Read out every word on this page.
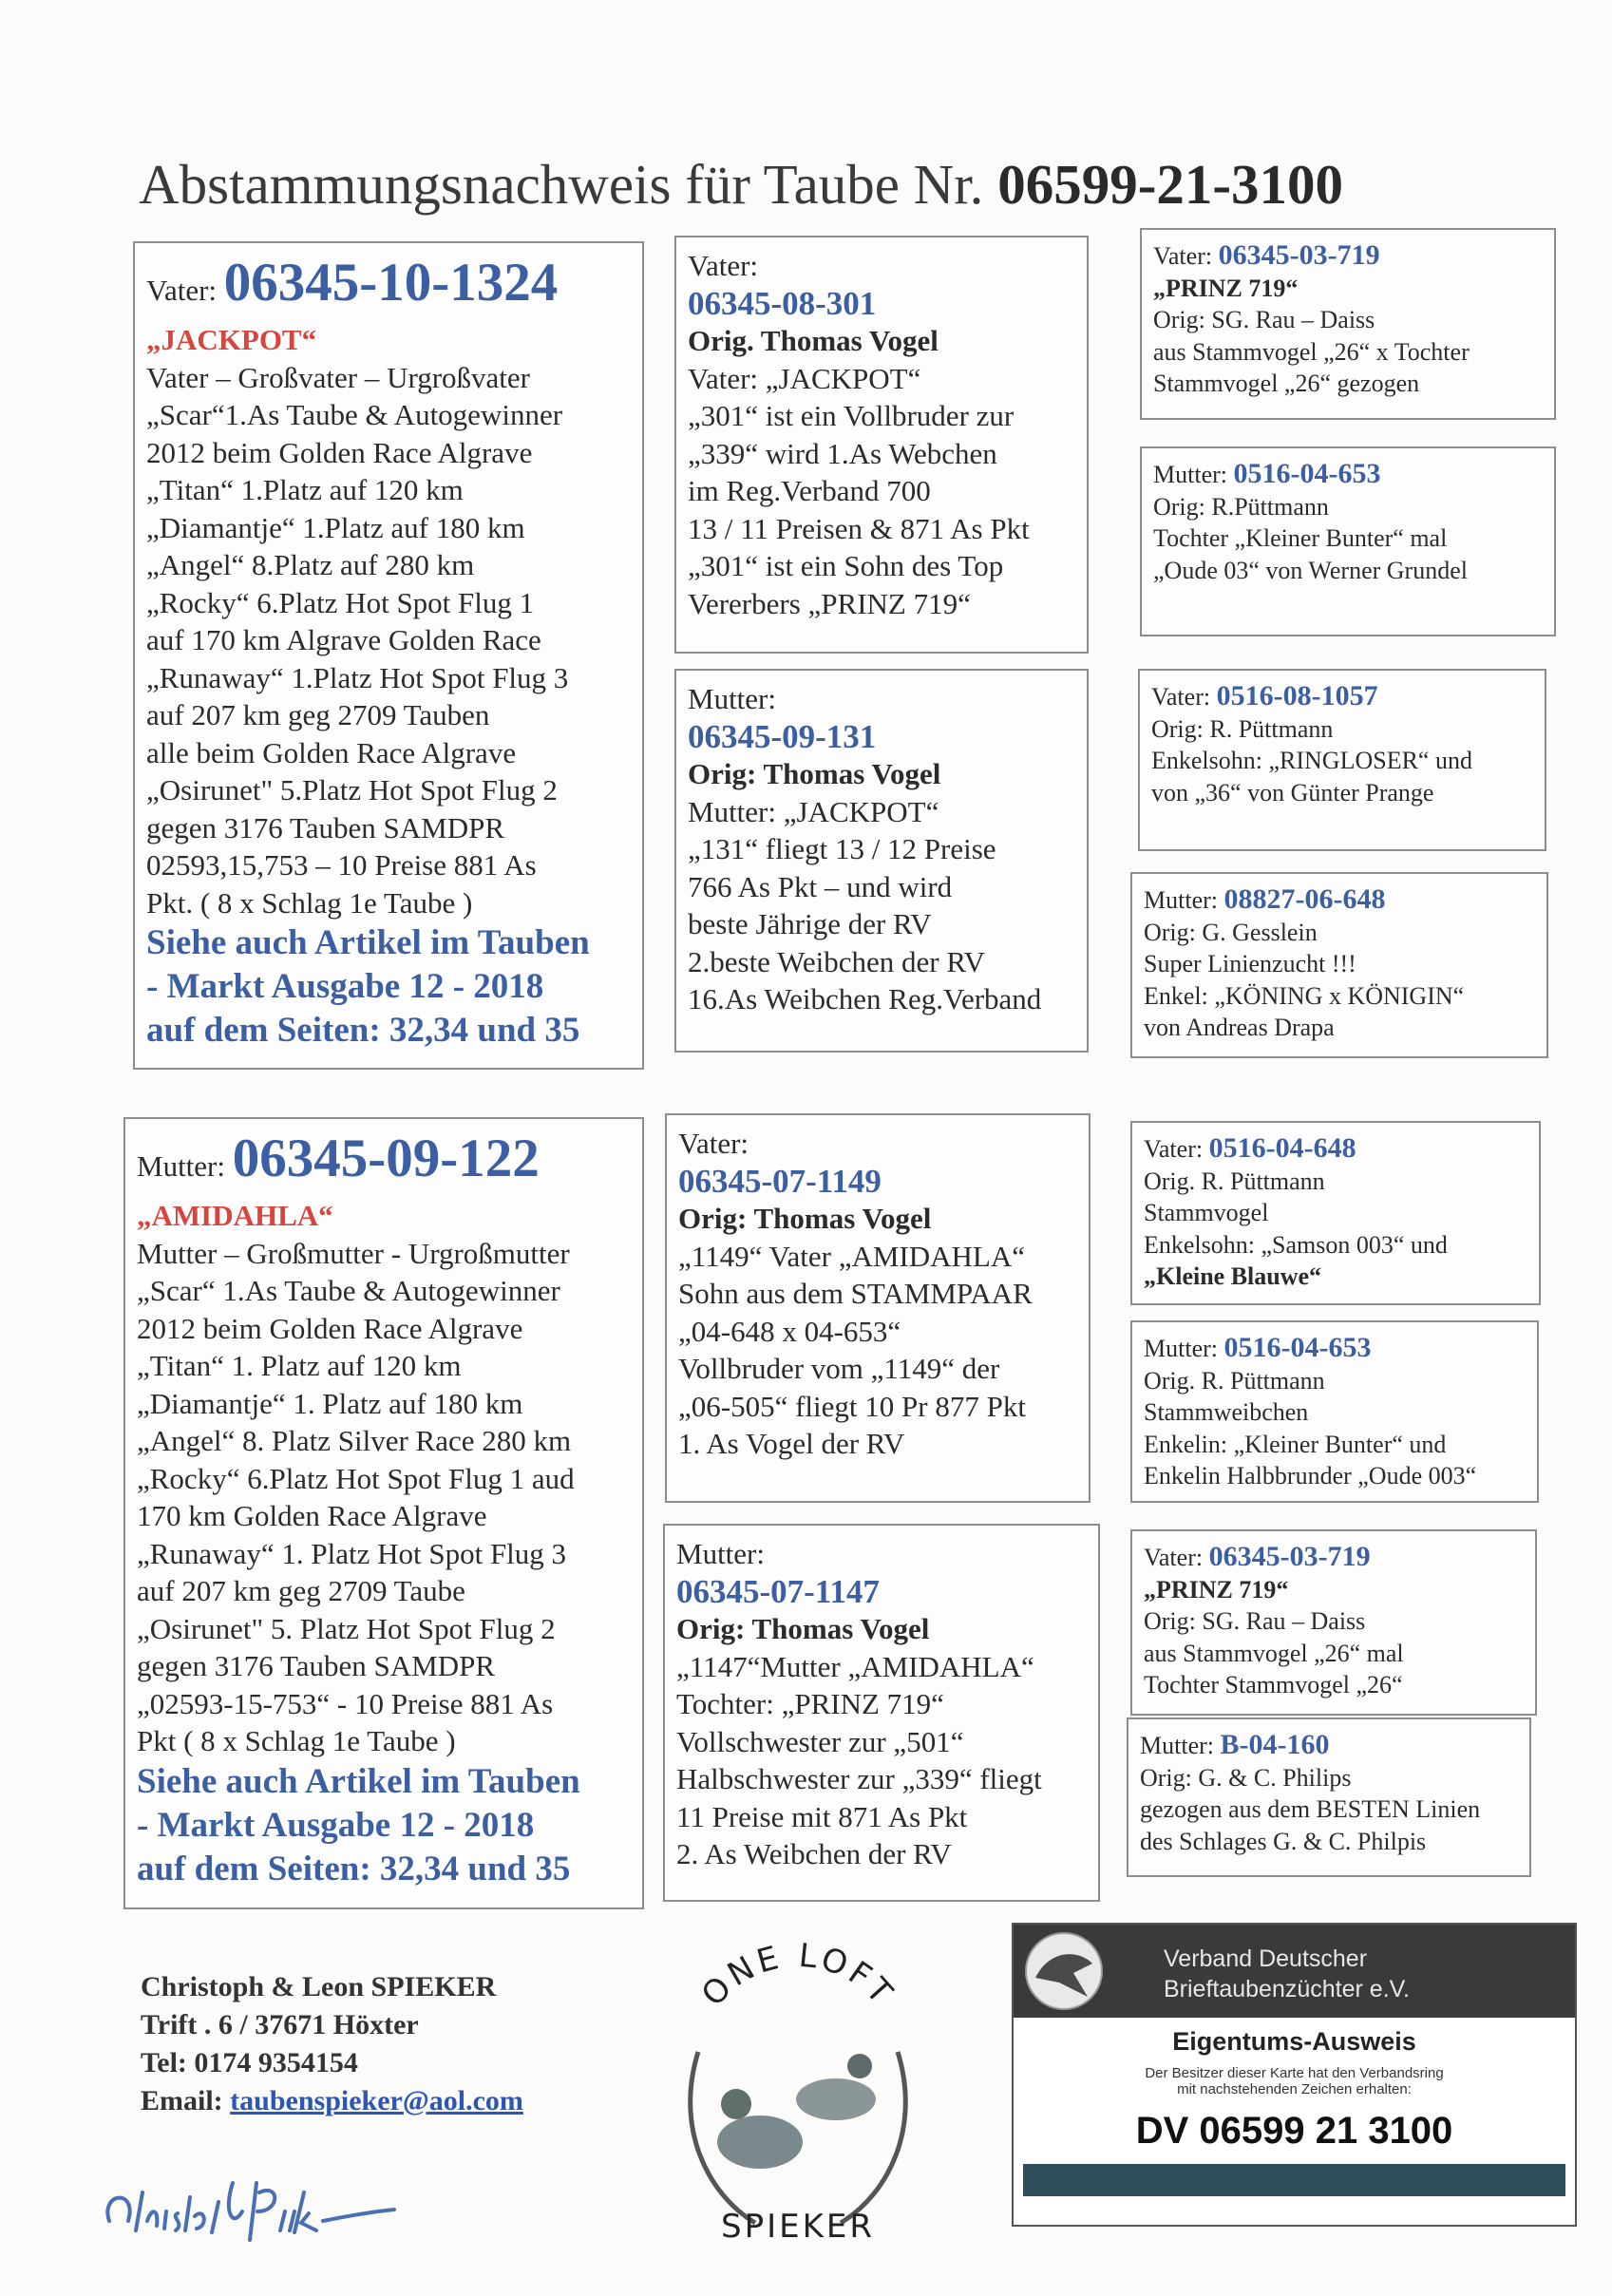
Abstammungsnachweis für Taube Nr. 06599-21-3100
Vater: 06345-10-1324
„JACKPOT“
Vater – Großvater – Urgroßvater
„Scar“1.As Taube & Autogewinner
2012 beim Golden Race Algrave
„Titan“ 1.Platz auf 120 km
„Diamantje“ 1.Platz auf 180 km
„Angel“ 8.Platz auf 280 km
„Rocky“ 6.Platz Hot Spot Flug 1
auf 170 km Algrave Golden Race
„Runaway“ 1.Platz Hot Spot Flug 3
auf 207 km geg 2709 Tauben
alle beim Golden Race Algrave
„Osirunet" 5.Platz Hot Spot Flug 2
gegen 3176 Tauben SAMDPR
02593,15,753 – 10 Preise 881 As
Pkt. ( 8 x Schlag 1e Taube )
Siehe auch Artikel im Tauben
- Markt Ausgabe 12 - 2018
auf dem Seiten: 32,34 und 35
Mutter: 06345-09-122
„AMIDAHLA“
Mutter – Großmutter - Urgroßmutter
„Scar“ 1.As Taube & Autogewinner
2012 beim Golden Race Algrave
„Titan“ 1. Platz auf 120 km
„Diamantje“ 1. Platz auf 180 km
„Angel“ 8. Platz Silver Race 280 km
„Rocky“ 6.Platz Hot Spot Flug 1 aud
170 km Golden Race Algrave
„Runaway“ 1. Platz Hot Spot Flug 3
auf 207 km geg 2709 Taube
„Osirunet" 5. Platz Hot Spot Flug 2
gegen 3176 Tauben SAMDPR
„02593-15-753“ - 10 Preise 881 As
Pkt ( 8 x Schlag 1e Taube )
Siehe auch Artikel im Tauben
- Markt Ausgabe 12 - 2018
auf dem Seiten: 32,34 und 35
Vater:
06345-08-301
Orig. Thomas Vogel
Vater: „JACKPOT“
„301“ ist ein Vollbruder zur
„339“ wird 1.As Webchen
im Reg.Verband 700
13 / 11 Preisen & 871 As Pkt
„301“ ist ein Sohn des Top
Vererbers „PRINZ 719“
Mutter:
06345-09-131
Orig: Thomas Vogel
Mutter: „JACKPOT“
„131“ fliegt 13 / 12 Preise
766 As Pkt – und wird
beste Jährige der RV
2.beste Weibchen der RV
16.As Weibchen Reg.Verband
Vater:
06345-07-1149
Orig: Thomas Vogel
„1149“ Vater „AMIDAHLA“
Sohn aus dem STAMMPAAR
„04-648 x 04-653“
Vollbruder vom „1149“ der
„06-505“ fliegt 10 Pr 877 Pkt
1. As Vogel der RV
Mutter:
06345-07-1147
Orig: Thomas Vogel
„1147“Mutter „AMIDAHLA“
Tochter: „PRINZ 719“
Vollschwester zur „501“
Halbschwester zur „339“ fliegt
11 Preise mit 871 As Pkt
2. As Weibchen der RV
Vater: 06345-03-719
„PRINZ 719“
Orig: SG. Rau – Daiss
aus Stammvogel „26“ x Tochter
Stammvogel „26“ gezogen
Mutter: 0516-04-653
Orig: R.Püttmann
Tochter „Kleiner Bunter“ mal
„Oude 03“ von Werner Grundel
Vater: 0516-08-1057
Orig: R. Püttmann
Enkelsohn: „RINGLOSER“ und
von „36“ von Günter Prange
Mutter: 08827-06-648
Orig: G. Gesslein
Super Linienzucht !!!
Enkel: „KÖNING x KÖNIGIN“
von Andreas Drapa
Vater: 0516-04-648
Orig. R. Püttmann
Stammvogel
Enkelsohn: „Samson 003“ und
„Kleine Blauwe“
Mutter: 0516-04-653
Orig. R. Püttmann
Stammweibchen
Enkelin: „Kleiner Bunter“ und
Enkelin Halbbrunder „Oude 003“
Vater: 06345-03-719
„PRINZ 719“
Orig: SG. Rau – Daiss
aus Stammvogel „26“ mal
Tochter Stammvogel „26“
Mutter: B-04-160
Orig: G. & C. Philips
gezogen aus dem BESTEN Linien
des Schlages G. & C. Philpis
Christoph & Leon SPIEKER
Trift . 6 / 37671 Höxter
Tel: 0174 9354154
Email: taubenspieker@aol.com
ONE LOFT
SPIEKER
Verband Deutscher
Brieftaubenzüchter e.V.
Eigentums-Ausweis
Der Besitzer dieser Karte hat den Verbandsring
mit nachstehenden Zeichen erhalten:
DV 06599 21 3100
